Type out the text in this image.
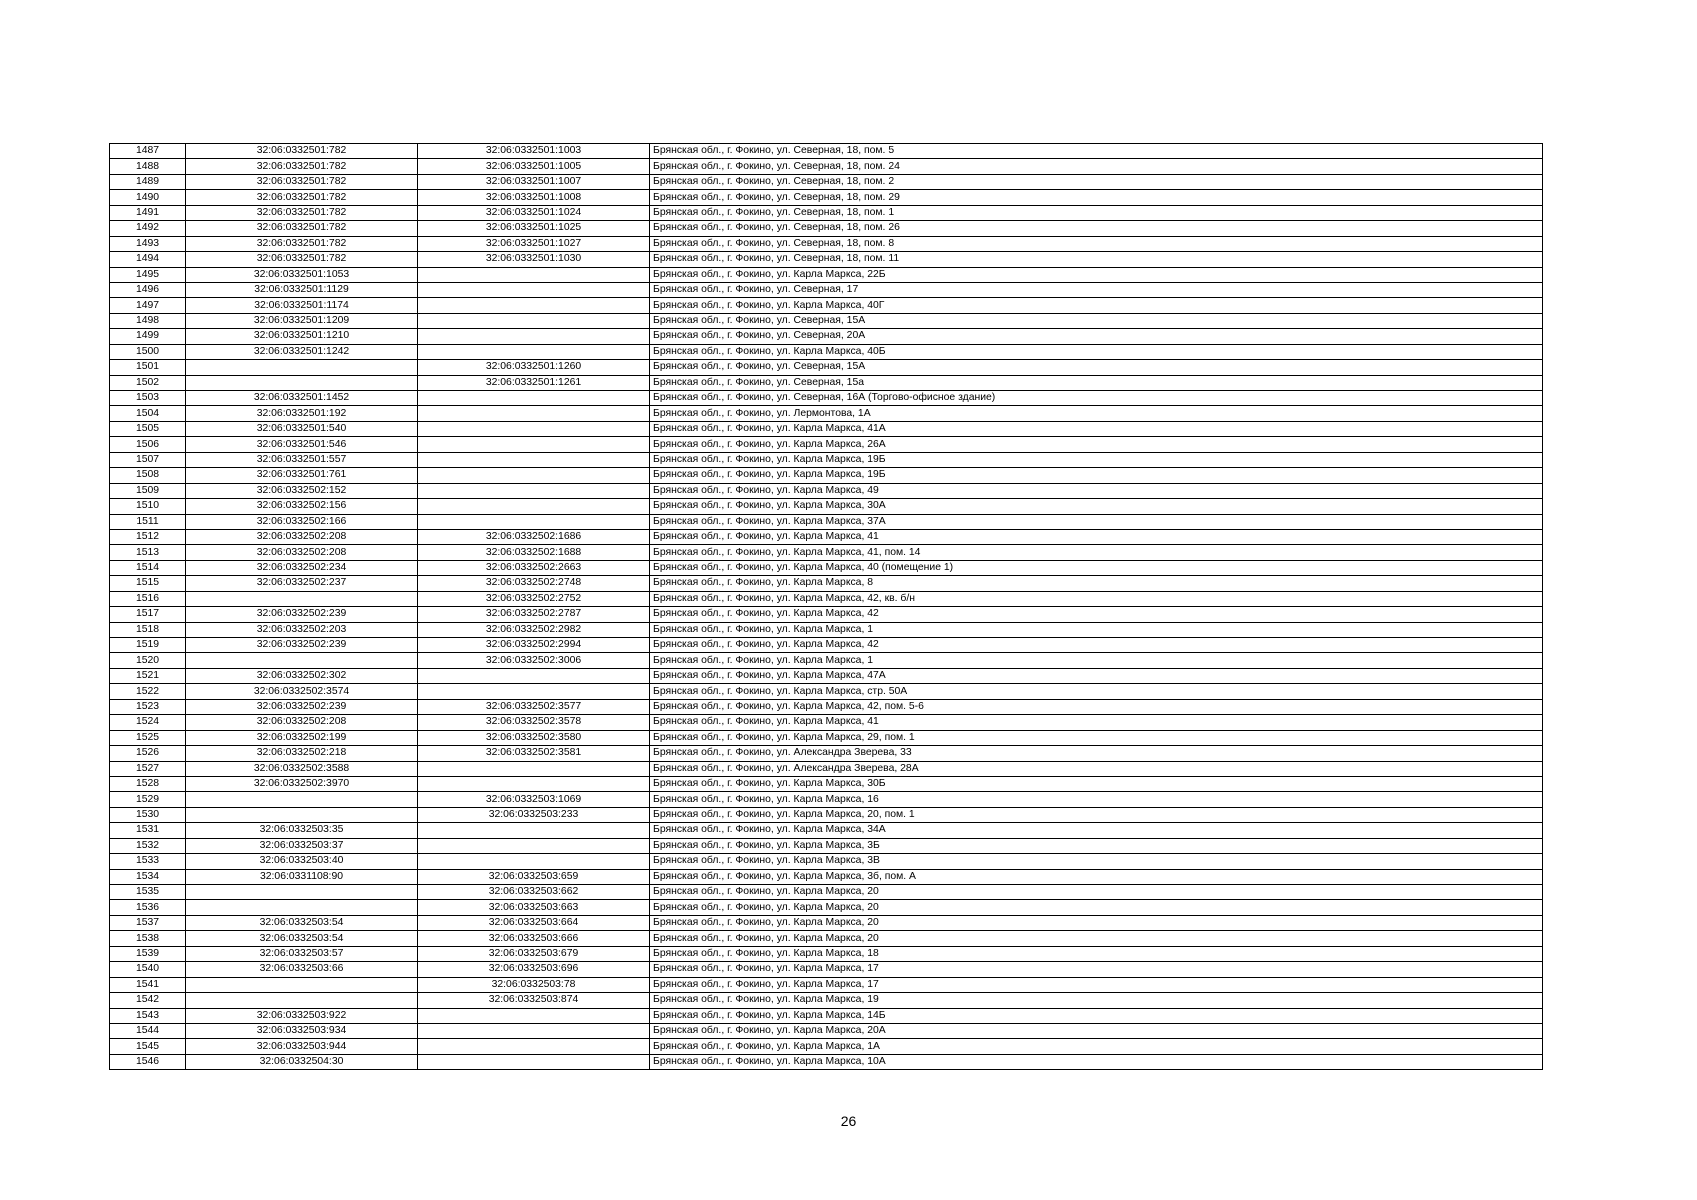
1487	32:06:0332501:782	32:06:0332501:1003	Брянская обл., г. Фокино, ул. Северная, 18, пом. 5
1488	32:06:0332501:782	32:06:0332501:1005	Брянская обл., г. Фокино, ул. Северная, 18, пом. 24
1489	32:06:0332501:782	32:06:0332501:1007	Брянская обл., г. Фокино, ул. Северная, 18, пом. 2
1490	32:06:0332501:782	32:06:0332501:1008	Брянская обл., г. Фокино, ул. Северная, 18, пом. 29
1491	32:06:0332501:782	32:06:0332501:1024	Брянская обл., г. Фокино, ул. Северная, 18, пом. 1
1492	32:06:0332501:782	32:06:0332501:1025	Брянская обл., г. Фокино, ул. Северная, 18, пом. 26
1493	32:06:0332501:782	32:06:0332501:1027	Брянская обл., г. Фокино, ул. Северная, 18, пом. 8
1494	32:06:0332501:782	32:06:0332501:1030	Брянская обл., г. Фокино, ул. Северная, 18, пом. 11
1495	32:06:0332501:1053		Брянская обл., г. Фокино, ул. Карла Маркса, 22Б
1496	32:06:0332501:1129		Брянская обл., г. Фокино, ул. Северная, 17
1497	32:06:0332501:1174		Брянская обл., г. Фокино, ул. Карла Маркса, 40Г
1498	32:06:0332501:1209		Брянская обл., г. Фокино, ул. Северная, 15А
1499	32:06:0332501:1210		Брянская обл., г. Фокино, ул. Северная, 20А
1500	32:06:0332501:1242		Брянская обл., г. Фокино, ул. Карла Маркса, 40Б
1501		32:06:0332501:1260	Брянская обл., г. Фокино, ул. Северная, 15А
1502		32:06:0332501:1261	Брянская обл., г. Фокино, ул. Северная, 15а
1503	32:06:0332501:1452		Брянская обл., г. Фокино, ул. Северная, 16А (Торгово-офисное здание)
1504	32:06:0332501:192		Брянская обл., г. Фокино, ул. Лермонтова, 1А
1505	32:06:0332501:540		Брянская обл., г. Фокино, ул. Карла Маркса, 41А
1506	32:06:0332501:546		Брянская обл., г. Фокино, ул. Карла Маркса, 26А
1507	32:06:0332501:557		Брянская обл., г. Фокино, ул. Карла Маркса, 19Б
1508	32:06:0332501:761		Брянская обл., г. Фокино, ул. Карла Маркса, 19Б
1509	32:06:0332502:152		Брянская обл., г. Фокино, ул. Карла Маркса, 49
1510	32:06:0332502:156		Брянская обл., г. Фокино, ул. Карла Маркса, 30А
1511	32:06:0332502:166		Брянская обл., г. Фокино, ул. Карла Маркса, 37А
1512	32:06:0332502:208	32:06:0332502:1686	Брянская обл., г. Фокино, ул. Карла Маркса, 41
1513	32:06:0332502:208	32:06:0332502:1688	Брянская обл., г. Фокино, ул. Карла Маркса, 41, пом. 14
1514	32:06:0332502:234	32:06:0332502:2663	Брянская обл., г. Фокино, ул. Карла Маркса, 40 (помещение 1)
1515	32:06:0332502:237	32:06:0332502:2748	Брянская обл., г. Фокино, ул. Карла Маркса, 8
1516		32:06:0332502:2752	Брянская обл., г. Фокино, ул. Карла Маркса, 42, кв. б/н
1517	32:06:0332502:239	32:06:0332502:2787	Брянская обл., г. Фокино, ул. Карла Маркса, 42
1518	32:06:0332502:203	32:06:0332502:2982	Брянская обл., г. Фокино, ул. Карла Маркса, 1
1519	32:06:0332502:239	32:06:0332502:2994	Брянская обл., г. Фокино, ул. Карла Маркса, 42
1520		32:06:0332502:3006	Брянская обл., г. Фокино, ул. Карла Маркса, 1
1521	32:06:0332502:302		Брянская обл., г. Фокино, ул. Карла Маркса, 47А
1522	32:06:0332502:3574		Брянская обл., г. Фокино, ул. Карла Маркса, стр. 50А
1523	32:06:0332502:239	32:06:0332502:3577	Брянская обл., г. Фокино, ул. Карла Маркса, 42, пом. 5-6
1524	32:06:0332502:208	32:06:0332502:3578	Брянская обл., г. Фокино, ул. Карла Маркса, 41
1525	32:06:0332502:199	32:06:0332502:3580	Брянская обл., г. Фокино, ул. Карла Маркса, 29, пом. 1
1526	32:06:0332502:218	32:06:0332502:3581	Брянская обл., г. Фокино, ул. Александра Зверева, 33
1527	32:06:0332502:3588		Брянская обл., г. Фокино, ул. Александра Зверева, 28А
1528	32:06:0332502:3970		Брянская обл., г. Фокино, ул. Карла Маркса, 30Б
1529		32:06:0332503:1069	Брянская обл., г. Фокино, ул. Карла Маркса, 16
1530		32:06:0332503:233	Брянская обл., г. Фокино, ул. Карла Маркса, 20, пом. 1
1531	32:06:0332503:35		Брянская обл., г. Фокино, ул. Карла Маркса, 34А
1532	32:06:0332503:37		Брянская обл., г. Фокино, ул. Карла Маркса, 3Б
1533	32:06:0332503:40		Брянская обл., г. Фокино, ул. Карла Маркса, 3В
1534	32:06:0331108:90	32:06:0332503:659	Брянская обл., г. Фокино, ул. Карла Маркса, 3б, пом. А
1535		32:06:0332503:662	Брянская обл., г. Фокино, ул. Карла Маркса, 20
1536		32:06:0332503:663	Брянская обл., г. Фокино, ул. Карла Маркса, 20
1537	32:06:0332503:54	32:06:0332503:664	Брянская обл., г. Фокино, ул. Карла Маркса, 20
1538	32:06:0332503:54	32:06:0332503:666	Брянская обл., г. Фокино, ул. Карла Маркса, 20
1539	32:06:0332503:57	32:06:0332503:679	Брянская обл., г. Фокино, ул. Карла Маркса, 18
1540	32:06:0332503:66	32:06:0332503:696	Брянская обл., г. Фокино, ул. Карла Маркса, 17
1541		32:06:0332503:78	Брянская обл., г. Фокино, ул. Карла Маркса, 17
1542		32:06:0332503:874	Брянская обл., г. Фокино, ул. Карла Маркса, 19
1543	32:06:0332503:922		Брянская обл., г. Фокино, ул. Карла Маркса, 14Б
1544	32:06:0332503:934		Брянская обл., г. Фокино, ул. Карла Маркса, 20А
1545	32:06:0332503:944		Брянская обл., г. Фокино, ул. Карла Маркса, 1А
1546	32:06:0332504:30		Брянская обл., г. Фокино, ул. Карла Маркса, 10А
26
